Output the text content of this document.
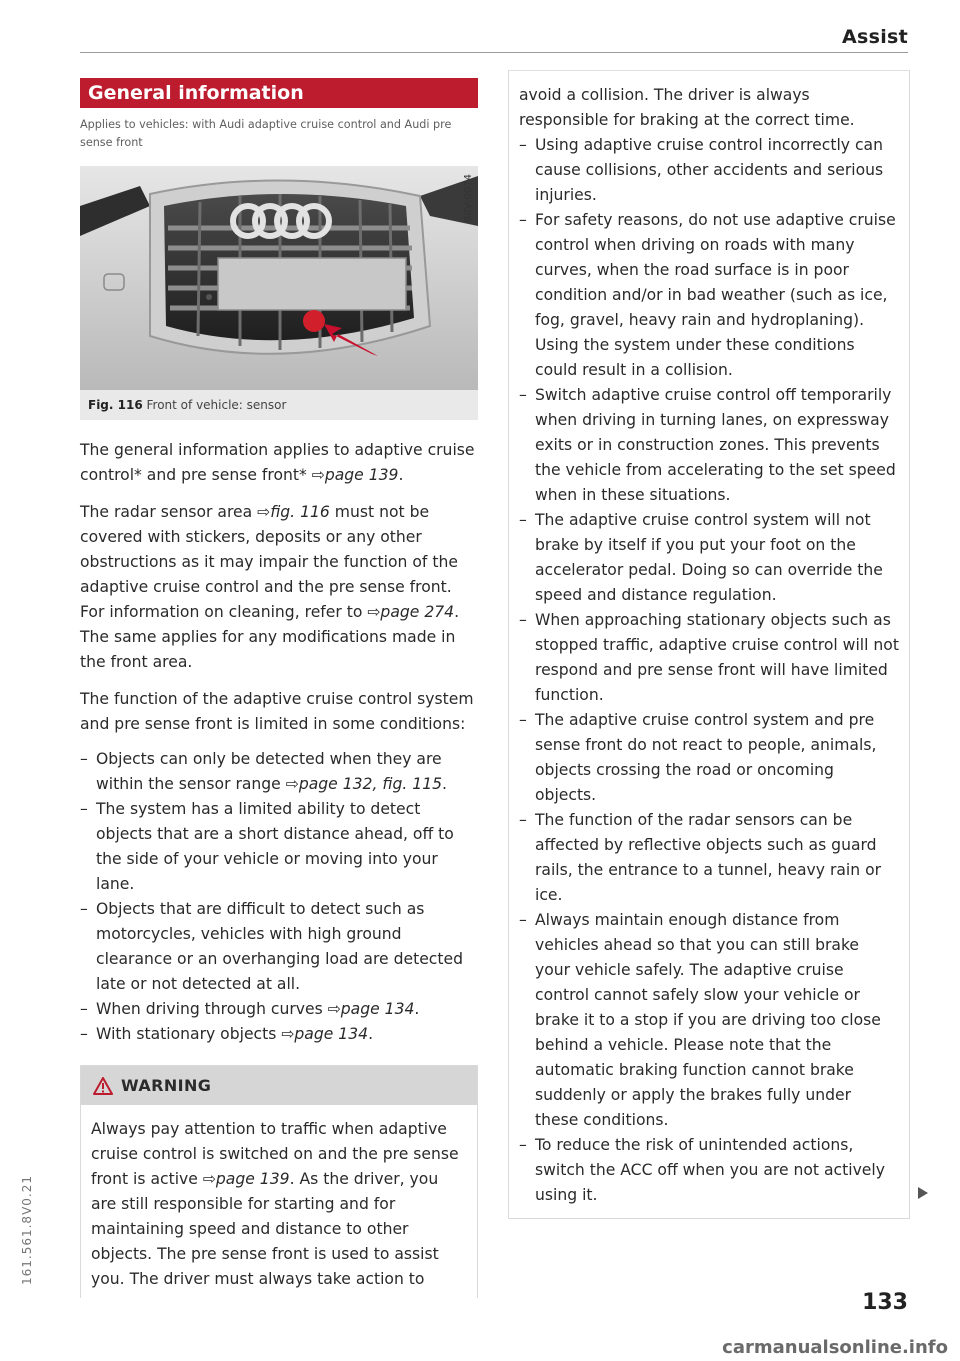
Assist
General information

Applies to vehicles: with Audi adaptive cruise control and Audi pre sense front

B8V-0074
Fig. 116 Front of vehicle: sensor

The general information applies to adaptive cruise control* and pre sense front* ⇨page 139.

The radar sensor area ⇨fig. 116 must not be covered with stickers, deposits or any other obstructions as it may impair the function of the adaptive cruise control and the pre sense front. For information on cleaning, refer to ⇨page 274. The same applies for any modifications made in the front area.

The function of the adaptive cruise control system and pre sense front is limited in some conditions:

– Objects can only be detected when they are within the sensor range ⇨page 132, fig. 115.
– The system has a limited ability to detect objects that are a short distance ahead, off to the side of your vehicle or moving into your lane.
– Objects that are difficult to detect such as motorcycles, vehicles with high ground clearance or an overhanging load are detected late or not detected at all.
– When driving through curves ⇨page 134.
– With stationary objects ⇨page 134.
WARNING

Always pay attention to traffic when adaptive cruise control is switched on and the pre sense front is active ⇨page 139. As the driver, you are still responsible for starting and for maintaining speed and distance to other objects. The pre sense front is used to assist you. The driver must always take action to

avoid a collision. The driver is always responsible for braking at the correct time.

– Using adaptive cruise control incorrectly can cause collisions, other accidents and serious injuries.
– For safety reasons, do not use adaptive cruise control when driving on roads with many curves, when the road surface is in poor condition and/or in bad weather (such as ice, fog, gravel, heavy rain and hydroplaning). Using the system under these conditions could result in a collision.
– Switch adaptive cruise control off temporarily when driving in turning lanes, on expressway exits or in construction zones. This prevents the vehicle from accelerating to the set speed when in these situations.
– The adaptive cruise control system will not brake by itself if you put your foot on the accelerator pedal. Doing so can override the speed and distance regulation.
– When approaching stationary objects such as stopped traffic, adaptive cruise control will not respond and pre sense front will have limited function.
– The adaptive cruise control system and pre sense front do not react to people, animals, objects crossing the road or oncoming objects.
– The function of the radar sensors can be affected by reflective objects such as guard rails, the entrance to a tunnel, heavy rain or ice.
– Always maintain enough distance from vehicles ahead so that you can still brake your vehicle safely. The adaptive cruise control cannot safely slow your vehicle or brake it to a stop if you are driving too close behind a vehicle. Please note that the automatic braking function cannot brake suddenly or apply the brakes fully under these conditions.
– To reduce the risk of unintended actions, switch the ACC off when you are not actively using it.
133
161.561.8V0.21
carmanualsonline.info
